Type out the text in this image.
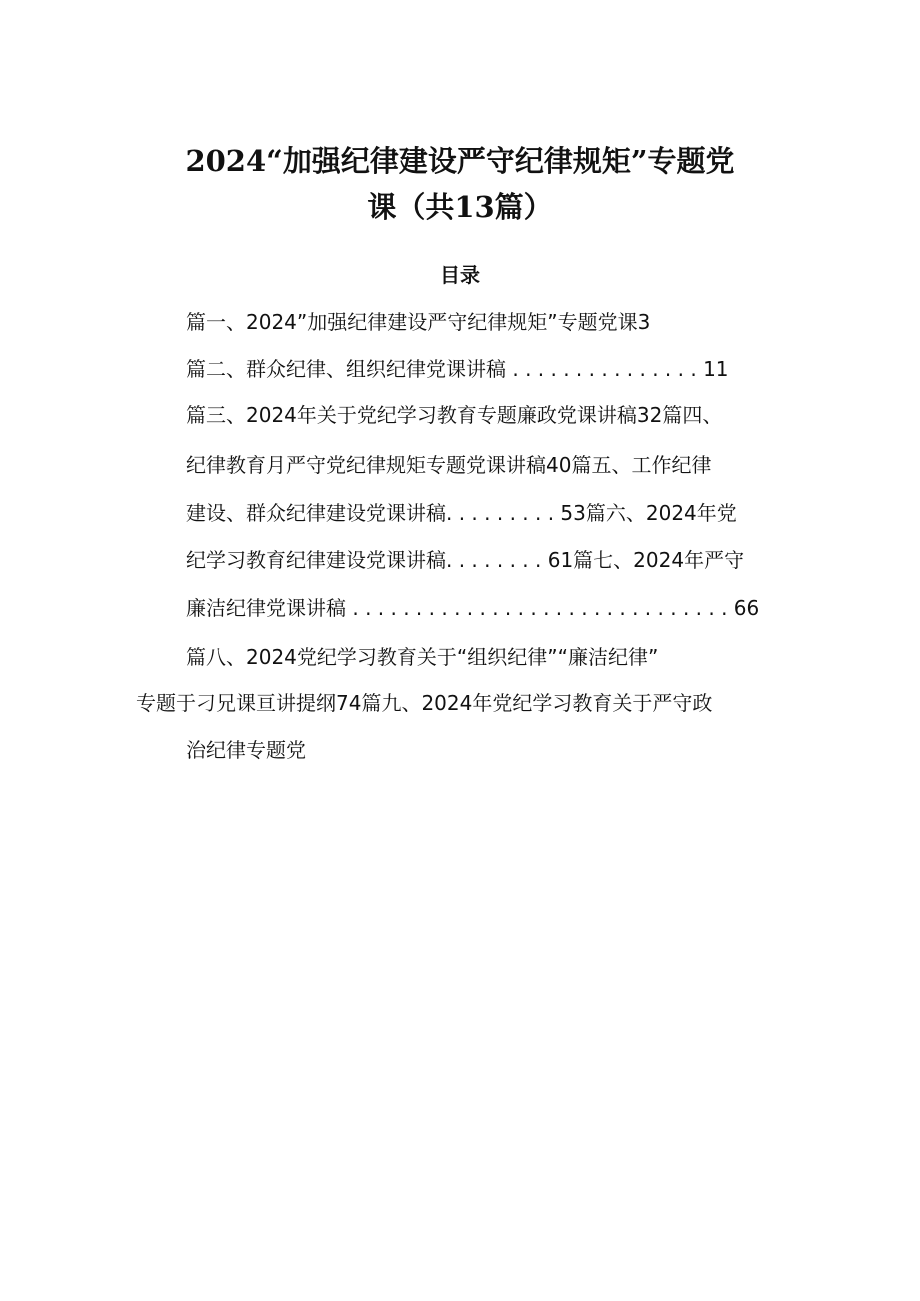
2024“加强纪律建设严守纪律规矩”专题党
课（共13篇）
目录

篇一、2024”加强纪律建设严守纪律规矩”专题党课3

篇二、群众纪律、组织纪律党课讲稿 . . . . . . . . . . . . . . . 11

篇三、2024年关于党纪学习教育专题廉政党课讲稿32篇四、

纪律教育月严守党纪律规矩专题党课讲稿40篇五、工作纪律

建设、群众纪律建设党课讲稿. . . . . . . . . 53篇六、2024年党

纪学习教育纪律建设党课讲稿. . . . . . . . 61篇七、2024年严守

廉洁纪律党课讲稿 . . . . . . . . . . . . . . . . . . . . . . . . . . . . . . 66

篇八、2024党纪学习教育关于“组织纪律”“廉洁纪律”

专题于刁兄课亘讲提纲74篇九、2024年党纪学习教育关于严守政

治纪律专题党
